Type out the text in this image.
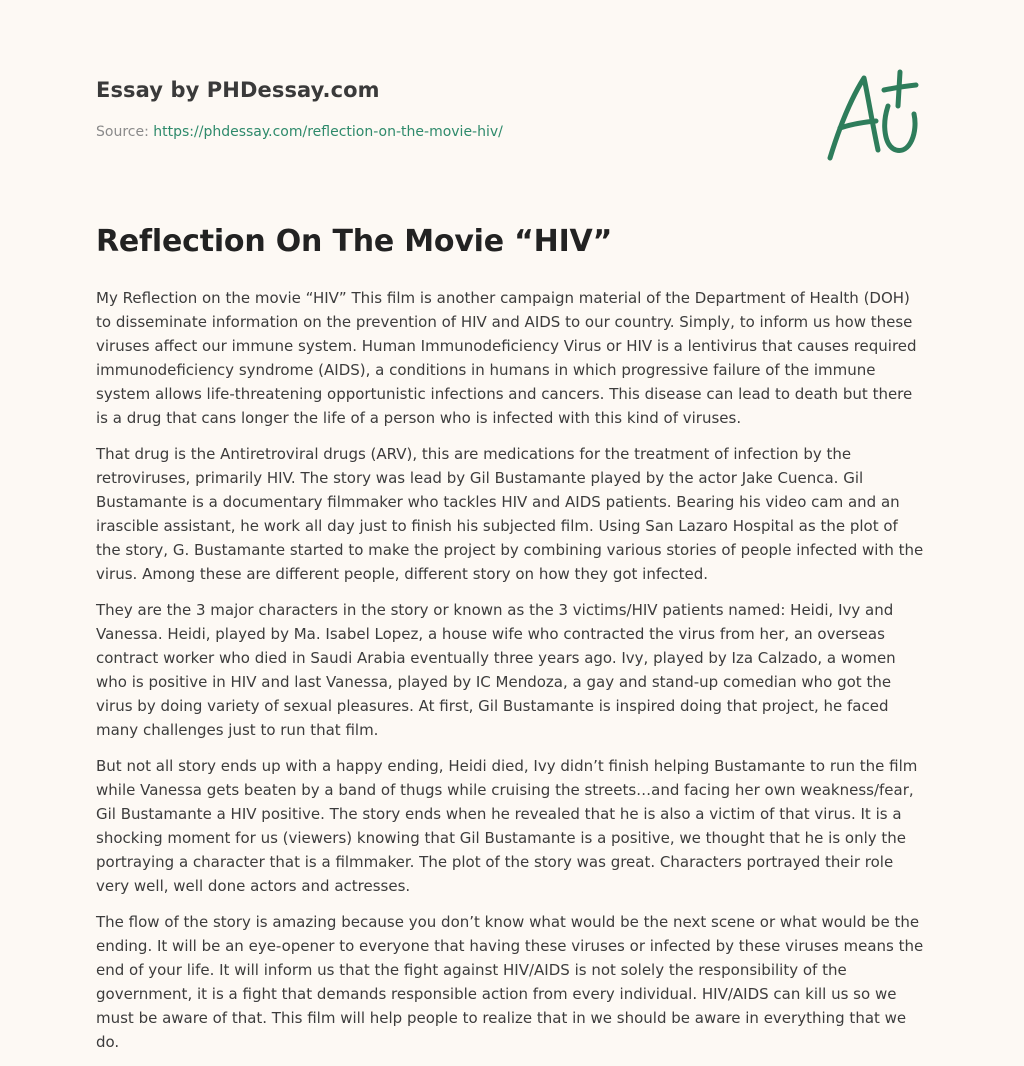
Essay by PHDessay.com
Source: https://phdessay.com/reflection-on-the-movie-hiv/
Reflection On The Movie “HIV”

My Reflection on the movie “HIV” This film is another campaign material of the Department of Health (DOH) to disseminate information on the prevention of HIV and AIDS to our country. Simply, to inform us how these viruses affect our immune system. Human Immunodeficiency Virus or HIV is a lentivirus that causes required immunodeficiency syndrome (AIDS), a conditions in humans in which progressive failure of the immune system allows life-threatening opportunistic infections and cancers. This disease can lead to death but there is a drug that cans longer the life of a person who is infected with this kind of viruses.

That drug is the Antiretroviral drugs (ARV), this are medications for the treatment of infection by the retroviruses, primarily HIV. The story was lead by Gil Bustamante played by the actor Jake Cuenca. Gil Bustamante is a documentary filmmaker who tackles HIV and AIDS patients. Bearing his video cam and an irascible assistant, he work all day just to finish his subjected film. Using San Lazaro Hospital as the plot of the story, G. Bustamante started to make the project by combining various stories of people infected with the virus. Among these are different people, different story on how they got infected.

They are the 3 major characters in the story or known as the 3 victims/HIV patients named: Heidi, Ivy and Vanessa. Heidi, played by Ma. Isabel Lopez, a house wife who contracted the virus from her, an overseas contract worker who died in Saudi Arabia eventually three years ago. Ivy, played by Iza Calzado, a women who is positive in HIV and last Vanessa, played by IC Mendoza, a gay and stand-up comedian who got the virus by doing variety of sexual pleasures. At first, Gil Bustamante is inspired doing that project, he faced many challenges just to run that film.

But not all story ends up with a happy ending, Heidi died, Ivy didn’t finish helping Bustamante to run the film while Vanessa gets beaten by a band of thugs while cruising the streets…and facing her own weakness/fear, Gil Bustamante a HIV positive. The story ends when he revealed that he is also a victim of that virus. It is a shocking moment for us (viewers) knowing that Gil Bustamante is a positive, we thought that he is only the portraying a character that is a filmmaker. The plot of the story was great. Characters portrayed their role very well, well done actors and actresses.

The flow of the story is amazing because you don’t know what would be the next scene or what would be the ending. It will be an eye-opener to everyone that having these viruses or infected by these viruses means the end of your life. It will inform us that the fight against HIV/AIDS is not solely the responsibility of the government, it is a fight that demands responsible action from every individual. HIV/AIDS can kill us so we must be aware of that. This film will help people to realize that in we should be aware in everything that we do.
